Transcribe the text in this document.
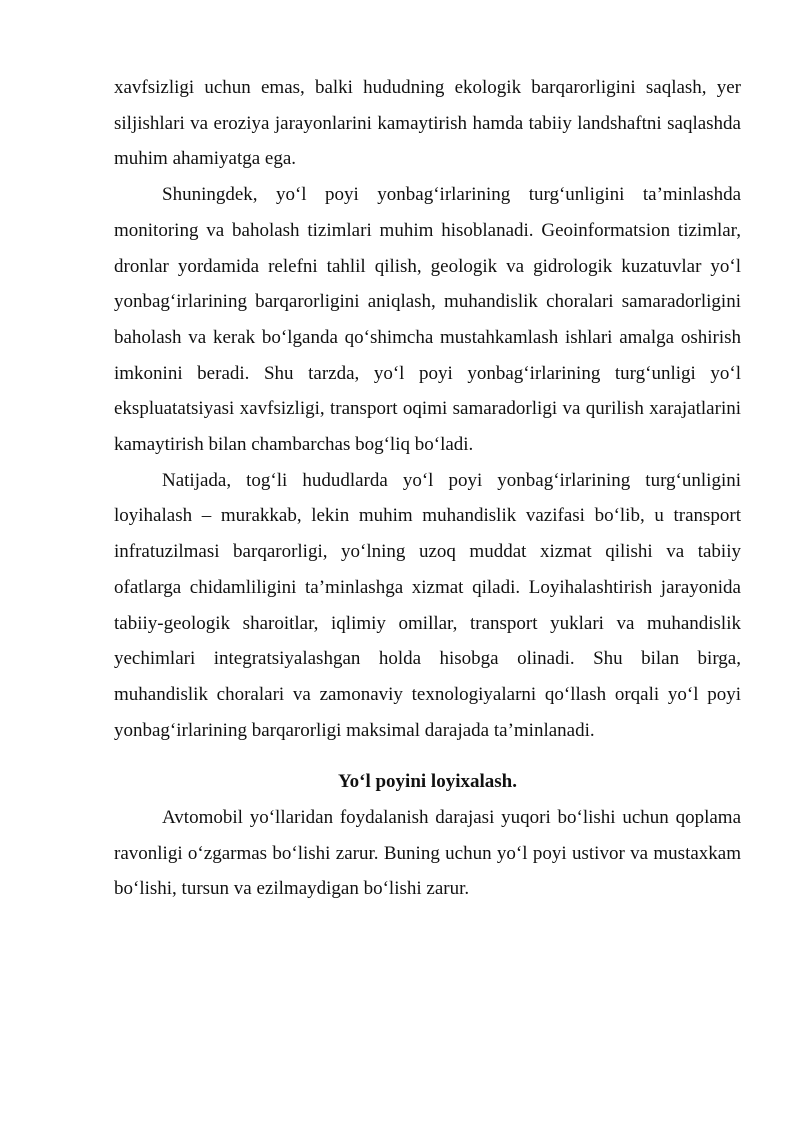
xavfsizligi uchun emas, balki hududning ekologik barqarorligini saqlash, yer siljishlari va eroziya jarayonlarini kamaytirish hamda tabiiy landshaftni saqlashda muhim ahamiyatga ega.

Shuningdek, yo‘l poyi yonbag‘irlarining turg‘unligini ta’minlashda monitoring va baholash tizimlari muhim hisoblanadi. Geoinformatsion tizimlar, dronlar yordamida relefni tahlil qilish, geologik va gidrologik kuzatuvlar yo‘l yonbag‘irlarining barqarorligini aniqlash, muhandislik choralari samaradorligini baholash va kerak bo‘lganda qo‘shimcha mustahkamlash ishlari amalga oshirish imkonini beradi. Shu tarzda, yo‘l poyi yonbag‘irlarining turg‘unligi yo‘l ekspluatatsiyasi xavfsizligi, transport oqimi samaradorligi va qurilish xarajatlarini kamaytirish bilan chambarchas bog‘liq bo‘ladi.

Natijada, tog‘li hududlarda yo‘l poyi yonbag‘irlarining turg‘unligini loyihalash – murakkab, lekin muhim muhandislik vazifasi bo‘lib, u transport infratuzilmasi barqarorligi, yo‘lning uzoq muddat xizmat qilishi va tabiiy ofatlarga chidamliligini ta’minlashga xizmat qiladi. Loyihalashtirish jarayonida tabiiy-geologik sharoitlar, iqlimiy omillar, transport yuklari va muhandislik yechimlari integratsiyalashgan holda hisobga olinadi. Shu bilan birga, muhandislik choralari va zamonaviy texnologiyalarni qo‘llash orqali yo‘l poyi yonbag‘irlarining barqarorligi maksimal darajada ta’minlanadi.

Yo‘l poyini loyixalash.

Avtomobil yo‘llaridan foydalanish darajasi yuqori bo‘lishi uchun qoplama ravonligi o‘zgarmas bo‘lishi zarur. Buning uchun yo‘l poyi ustivor va mustaxkam bo‘lishi, tursun va ezilmaydigan bo‘lishi zarur.
